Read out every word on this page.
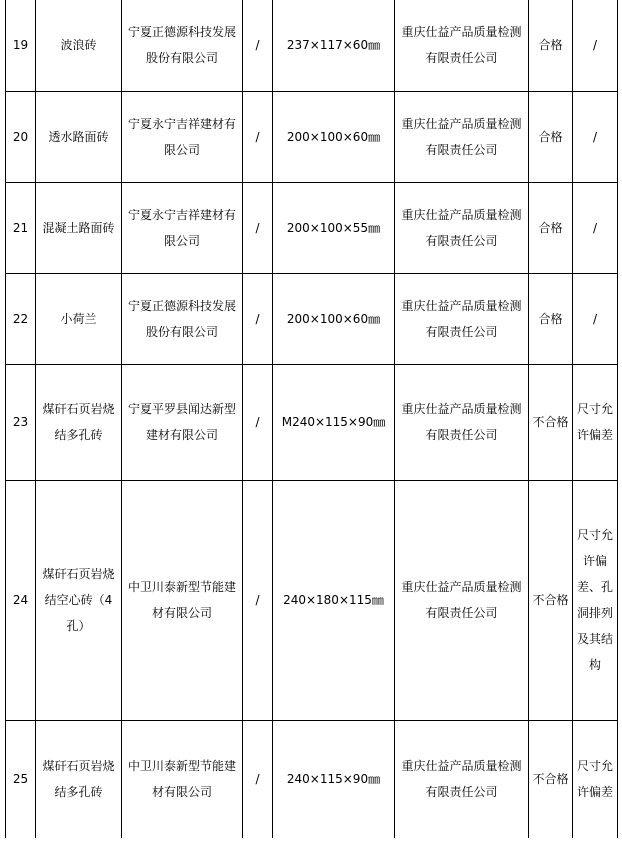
19	波浪砖	宁夏正德源科技发展股份有限公司	/	237×117×60㎜	重庆仕益产品质量检测有限责任公司	合格	/
20	透水路面砖	宁夏永宁吉祥建材有限公司	/	200×100×60㎜	重庆仕益产品质量检测有限责任公司	合格	/
21	混凝土路面砖	宁夏永宁吉祥建材有限公司	/	200×100×55㎜	重庆仕益产品质量检测有限责任公司	合格	/
22	小荷兰	宁夏正德源科技发展股份有限公司	/	200×100×60㎜	重庆仕益产品质量检测有限责任公司	合格	/
23	煤矸石页岩烧结多孔砖	宁夏平罗县闻达新型建材有限公司	/	M240×115×90㎜	重庆仕益产品质量检测有限责任公司	不合格	尺寸允许偏差
24	煤矸石页岩烧结空心砖（4孔）	中卫川泰新型节能建材有限公司	/	240×180×115㎜	重庆仕益产品质量检测有限责任公司	不合格	尺寸允许偏差、孔洞排列及其结构
25	煤矸石页岩烧结多孔砖	中卫川泰新型节能建材有限公司	/	240×115×90㎜	重庆仕益产品质量检测有限责任公司	不合格	尺寸允许偏差
